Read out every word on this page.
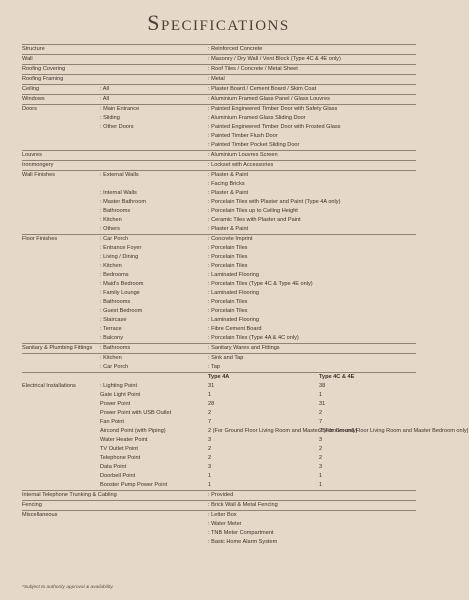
Specifications
Structure		: Reinforced Concrete	
Wall		: Masonry / Dry Wall / Vent Block (Type 4C & 4E only)	
Roofing Covering		: Roof Tiles / Concrete / Metal Sheet	
Roofing Framing		: Metal	
Ceiling	: All	: Plaster Board / Cement Board / Skim Coat	
Windows	: All	: Aluminium Framed Glass Panel / Glass Louvres	
Doors	: Main Entrance	: Painted Engineered Timber Door with Safety Glass	
	: Sliding	: Aluminium Framed Glass Sliding Door	
	: Other Doors	: Painted Engineered Timber Door with Frosted Glass	
		: Painted Timber Flush Door	
		: Painted Timber Pocket Sliding Door	
Louvres		: Aluminium Louvres Screen	
Ironmongery		: Lockset with Accessories	
Wall Finishes	: External Walls	: Plaster & Paint	
		: Facing Bricks	
	: Internal Walls	: Plaster & Paint	
	: Master Bathroom	: Porcelain Tiles with Plaster and Paint (Type 4A only)	
	: Bathrooms	: Porcelain Tiles up to Ceiling Height	
	: Kitchen	: Ceramic Tiles with Plaster and Paint	
	: Others	: Plaster & Paint	
Floor Finishes	: Car Porch	: Concrete Imprint	
	: Entrance Foyer	: Porcelain Tiles	
	: Living / Dining	: Porcelain Tiles	
	: Kitchen	: Porcelain Tiles	
	: Bedrooms	: Laminated Flooring	
	: Maid's Bedroom	: Porcelain Tiles (Type 4C & Type 4E only)	
	: Family Lounge	: Laminated Flooring	
	: Bathrooms	: Porcelain Tiles	
	: Guest Bedroom	: Porcelain Tiles	
	: Staircase	: Laminated Flooring	
	: Terrace	: Fibre Cement Board	
	: Balcony	: Porcelain Tiles (Type 4A & 4C only)	
Sanitary & Plumbing Fittings	: Bathrooms	: Sanitary Wares and Fittings	
	: Kitchen	: Sink and Tap	
	: Car Porch	: Tap	
		Type 4A	Type 4C & 4E
Electrical Installations	: Lighting Point	31	38
	Gate Light Point	1	1
	Power Point	28	31
	Power Point with USB Outlet	2	2
	Fan Point	7	7
	Aircond Point (with Piping)	2 (For Ground Floor Living Room and Master Bedroom only)	2 (For Ground Floor Living Room and Master Bedroom only)
	Water Heater Point	3	3
	TV Outlet Point	2	2
	Telephone Point	2	2
	Data Point	3	3
	Doorbell Point	1	1
	Booster Pump Power Point	1	1
Internal Telephone Trunking & Cabling		: Provided	
Fencing		: Brick Wall & Metal Fencing	
Miscellaneous		: Letter Box	
		: Water Meter	
		: TNB Meter Compartment	
		: Basic Home Alarm System	
*Subject to authority approval & availability.
